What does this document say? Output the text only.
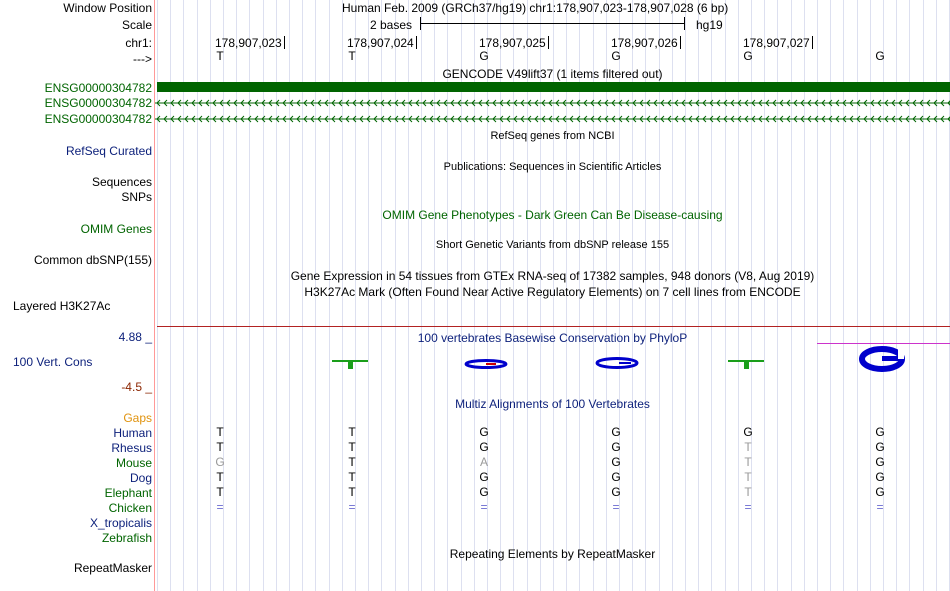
Window Position
Scale
chr1:
--->
ENSG00000304782
ENSG00000304782
ENSG00000304782
RefSeq Curated
Sequences
SNPs
OMIM Genes
Common dbSNP(155)
Layered H3K27Ac
4.88 _
100 Vert. Cons
-4.5 _
Gaps
Human
Rhesus
Mouse
Dog
Elephant
Chicken
X_tropicalis
Zebrafish
RepeatMasker
Human Feb. 2009 (GRCh37/hg19) chr1:178,907,023-178,907,028 (6 bp)
2 bases	hg19
178,907,023	178,907,024	178,907,025	178,907,026	178,907,027
T	T	G	G	G	G
GENCODE V49lift37 (1 items filtered out)
RefSeq genes from NCBI
Publications: Sequences in Scientific Articles
OMIM Gene Phenotypes - Dark Green Can Be Disease-causing
Short Genetic Variants from dbSNP release 155
Gene Expression in 54 tissues from GTEx RNA-seq of 17382 samples, 948 donors (V8, Aug 2019)
H3K27Ac Mark (Often Found Near Active Regulatory Elements) on 7 cell lines from ENCODE
100 vertebrates Basewise Conservation by PhyloP
Multiz Alignments of 100 Vertebrates
T	T	G	G	G	G
T	T	G	G	T	G
G	T	A	G	T	G
T	T	G	G	T	G
T	T	G	G	T	G
=	=	=	=	=	=
Repeating Elements by RepeatMasker
